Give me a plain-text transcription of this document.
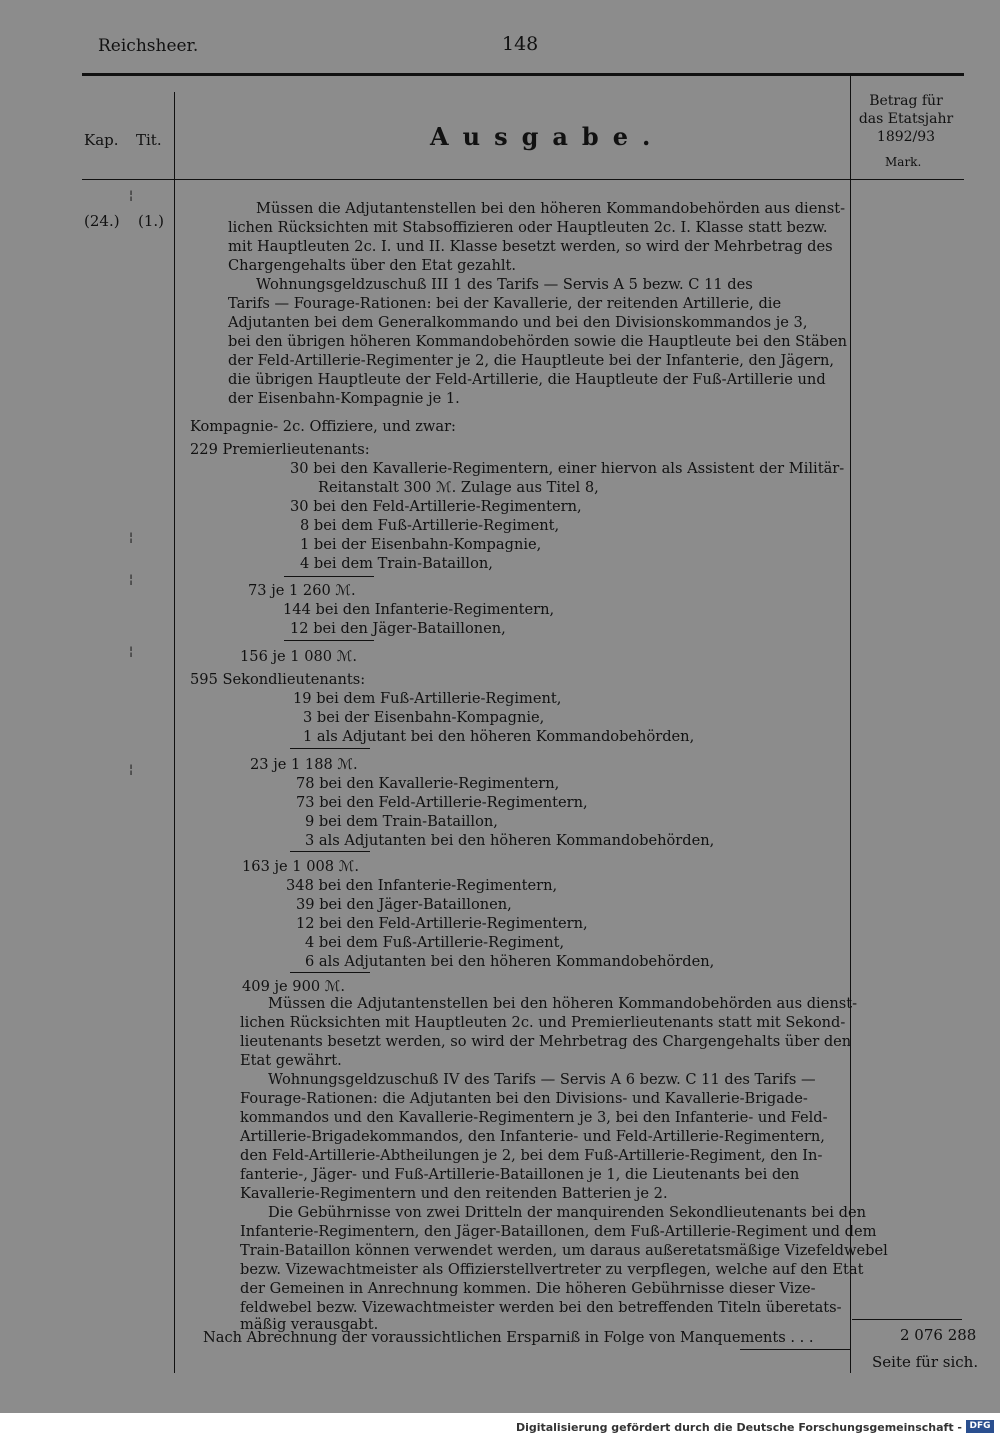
Reichsheer.	148
¦
¦
¦
¦
¦
Kap. Tit.	Ausgabe.
Betrag für das Etatsjahr 1892/93
Mark.
(24.) (1.)
Müssen die Adjutantenstellen bei den höheren Kommandobehörden aus dienst-
lichen Rücksichten mit Stabsoffizieren oder Hauptleuten 2c. I. Klasse statt bezw.
mit Hauptleuten 2c. I. und II. Klasse besetzt werden, so wird der Mehrbetrag des
Chargengehalts über den Etat gezahlt.
Wohnungsgeldzuschuß III 1 des Tarifs — Servis A 5 bezw. C 11 des
Tarifs — Fourage-Rationen: bei der Kavallerie, der reitenden Artillerie, die
Adjutanten bei dem Generalkommando und bei den Divisionskommandos je 3,
bei den übrigen höheren Kommandobehörden sowie die Hauptleute bei den Stäben
der Feld-Artillerie-Regimenter je 2, die Hauptleute bei der Infanterie, den Jägern,
die übrigen Hauptleute der Feld-Artillerie, die Hauptleute der Fuß-Artillerie und
der Eisenbahn-Kompagnie je 1.
Kompagnie- 2c. Offiziere, und zwar:
229 Premierlieutenants:
30 bei den Kavallerie-Regimentern, einer hiervon als Assistent der Militär-
Reitanstalt 300 ℳ. Zulage aus Titel 8,
30 bei den Feld-Artillerie-Regimentern,
8 bei dem Fuß-Artillerie-Regiment,
1 bei der Eisenbahn-Kompagnie,
4 bei dem Train-Bataillon,
73 je 1 260 ℳ.
144 bei den Infanterie-Regimentern,
12 bei den Jäger-Bataillonen,
156 je 1 080 ℳ.
595 Sekondlieutenants:
19 bei dem Fuß-Artillerie-Regiment,
3 bei der Eisenbahn-Kompagnie,
1 als Adjutant bei den höheren Kommandobehörden,
23 je 1 188 ℳ.
78 bei den Kavallerie-Regimentern,
73 bei den Feld-Artillerie-Regimentern,
9 bei dem Train-Bataillon,
3 als Adjutanten bei den höheren Kommandobehörden,
163 je 1 008 ℳ.
348 bei den Infanterie-Regimentern,
39 bei den Jäger-Bataillonen,
12 bei den Feld-Artillerie-Regimentern,
4 bei dem Fuß-Artillerie-Regiment,
6 als Adjutanten bei den höheren Kommandobehörden,
409 je 900 ℳ.
Müssen die Adjutantenstellen bei den höheren Kommandobehörden aus dienst-
lichen Rücksichten mit Hauptleuten 2c. und Premierlieutenants statt mit Sekond-
lieutenants besetzt werden, so wird der Mehrbetrag des Chargengehalts über den
Etat gewährt.
Wohnungsgeldzuschuß IV des Tarifs — Servis A 6 bezw. C 11 des Tarifs —
Fourage-Rationen: die Adjutanten bei den Divisions- und Kavallerie-Brigade-
kommandos und den Kavallerie-Regimentern je 3, bei den Infanterie- und Feld-
Artillerie-Brigadekommandos, den Infanterie- und Feld-Artillerie-Regimentern,
den Feld-Artillerie-Abtheilungen je 2, bei dem Fuß-Artillerie-Regiment, den In-
fanterie-, Jäger- und Fuß-Artillerie-Bataillonen je 1, die Lieutenants bei den
Kavallerie-Regimentern und den reitenden Batterien je 2.
Die Gebührnisse von zwei Dritteln der manquirenden Sekondlieutenants bei den
Infanterie-Regimentern, den Jäger-Bataillonen, dem Fuß-Artillerie-Regiment und dem
Train-Bataillon können verwendet werden, um daraus außeretatsmäßige Vizefeldwebel
bezw. Vizewachtmeister als Offizierstellvertreter zu verpflegen, welche auf den Etat
der Gemeinen in Anrechnung kommen. Die höheren Gebührnisse dieser Vize-
feldwebel bezw. Vizewachtmeister werden bei den betreffenden Titeln überetats-
mäßig verausgabt.
Nach Abrechnung der voraussichtlichen Ersparniß in Folge von Manquements . . .	2 076 288
Seite für sich.
Digitalisierung gefördert durch die Deutsche Forschungsgemeinschaft - DFG
